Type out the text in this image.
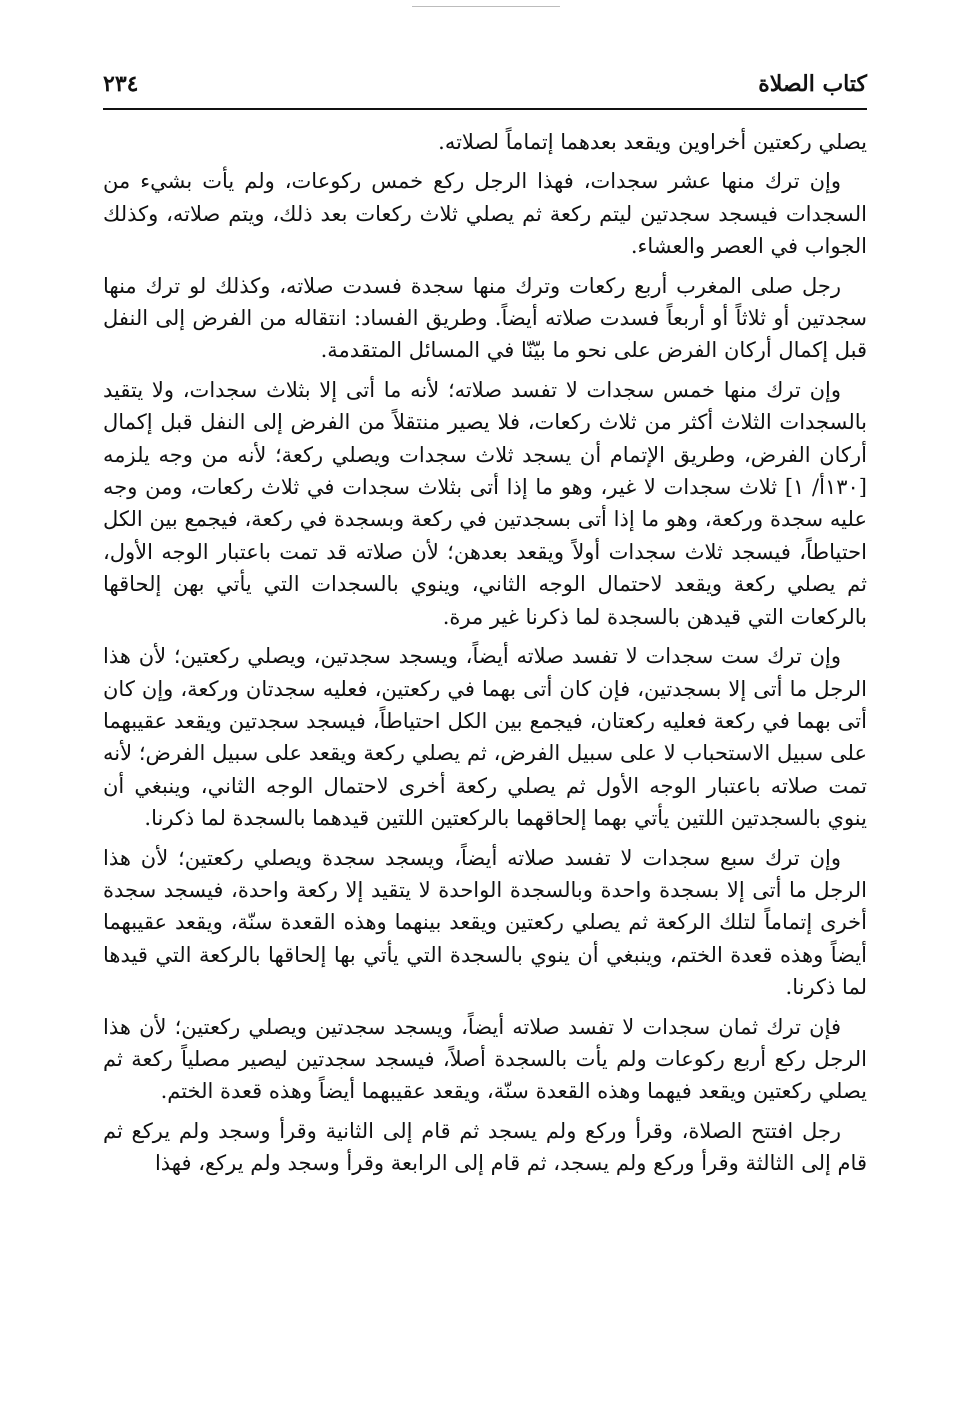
كتاب الصلاة
٢٣٤

يصلي ركعتين أخراوين ويقعد بعدهما إتماماً لصلاته.

وإن ترك منها عشر سجدات، فهذا الرجل ركع خمس ركوعات، ولم يأت بشيء من السجدات فيسجد سجدتين ليتم ركعة ثم يصلي ثلاث ركعات بعد ذلك، ويتم صلاته، وكذلك الجواب في العصر والعشاء.

رجل صلى المغرب أربع ركعات وترك منها سجدة فسدت صلاته، وكذلك لو ترك منها سجدتين أو ثلاثاً أو أربعاً فسدت صلاته أيضاً. وطريق الفساد: انتقاله من الفرض إلى النفل قبل إكمال أركان الفرض على نحو ما بيّنّا في المسائل المتقدمة.

وإن ترك منها خمس سجدات لا تفسد صلاته؛ لأنه ما أتى إلا بثلاث سجدات، ولا يتقيد بالسجدات الثلاث أكثر من ثلاث ركعات، فلا يصير منتقلاً من الفرض إلى النفل قبل إكمال أركان الفرض، وطريق الإتمام أن يسجد ثلاث سجدات ويصلي ركعة؛ لأنه من وجه يلزمه [١٣٠أ/ ١] ثلاث سجدات لا غير، وهو ما إذا أتى بثلاث سجدات في ثلاث ركعات، ومن وجه عليه سجدة وركعة، وهو ما إذا أتى بسجدتين في ركعة وبسجدة في ركعة، فيجمع بين الكل احتياطاً، فيسجد ثلاث سجدات أولاً ويقعد بعدهن؛ لأن صلاته قد تمت باعتبار الوجه الأول، ثم يصلي ركعة ويقعد لاحتمال الوجه الثاني، وينوي بالسجدات التي يأتي بهن إلحاقها بالركعات التي قيدهن بالسجدة لما ذكرنا غير مرة.

وإن ترك ست سجدات لا تفسد صلاته أيضاً، ويسجد سجدتين، ويصلي ركعتين؛ لأن هذا الرجل ما أتى إلا بسجدتين، فإن كان أتى بهما في ركعتين، فعليه سجدتان وركعة، وإن كان أتى بهما في ركعة فعليه ركعتان، فيجمع بين الكل احتياطاً، فيسجد سجدتين ويقعد عقيبهما على سبيل الاستحباب لا على سبيل الفرض، ثم يصلي ركعة ويقعد على سبيل الفرض؛ لأنه تمت صلاته باعتبار الوجه الأول ثم يصلي ركعة أخرى لاحتمال الوجه الثاني، وينبغي أن ينوي بالسجدتين اللتين يأتي بهما إلحاقهما بالركعتين اللتين قيدهما بالسجدة لما ذكرنا.

وإن ترك سبع سجدات لا تفسد صلاته أيضاً، ويسجد سجدة ويصلي ركعتين؛ لأن هذا الرجل ما أتى إلا بسجدة واحدة وبالسجدة الواحدة لا يتقيد إلا ركعة واحدة، فيسجد سجدة أخرى إتماماً لتلك الركعة ثم يصلي ركعتين ويقعد بينهما وهذه القعدة سنّة، ويقعد عقيبهما أيضاً وهذه قعدة الختم، وينبغي أن ينوي بالسجدة التي يأتي بها إلحاقها بالركعة التي قيدها لما ذكرنا.

فإن ترك ثمان سجدات لا تفسد صلاته أيضاً، ويسجد سجدتين ويصلي ركعتين؛ لأن هذا الرجل ركع أربع ركوعات ولم يأت بالسجدة أصلاً، فيسجد سجدتين ليصير مصلياً ركعة ثم يصلي ركعتين ويقعد فيهما وهذه القعدة سنّة، ويقعد عقيبهما أيضاً وهذه قعدة الختم.

رجل افتتح الصلاة، وقرأ وركع ولم يسجد ثم قام إلى الثانية وقرأ وسجد ولم يركع ثم قام إلى الثالثة وقرأ وركع ولم يسجد، ثم قام إلى الرابعة وقرأ وسجد ولم يركع، فهذا
